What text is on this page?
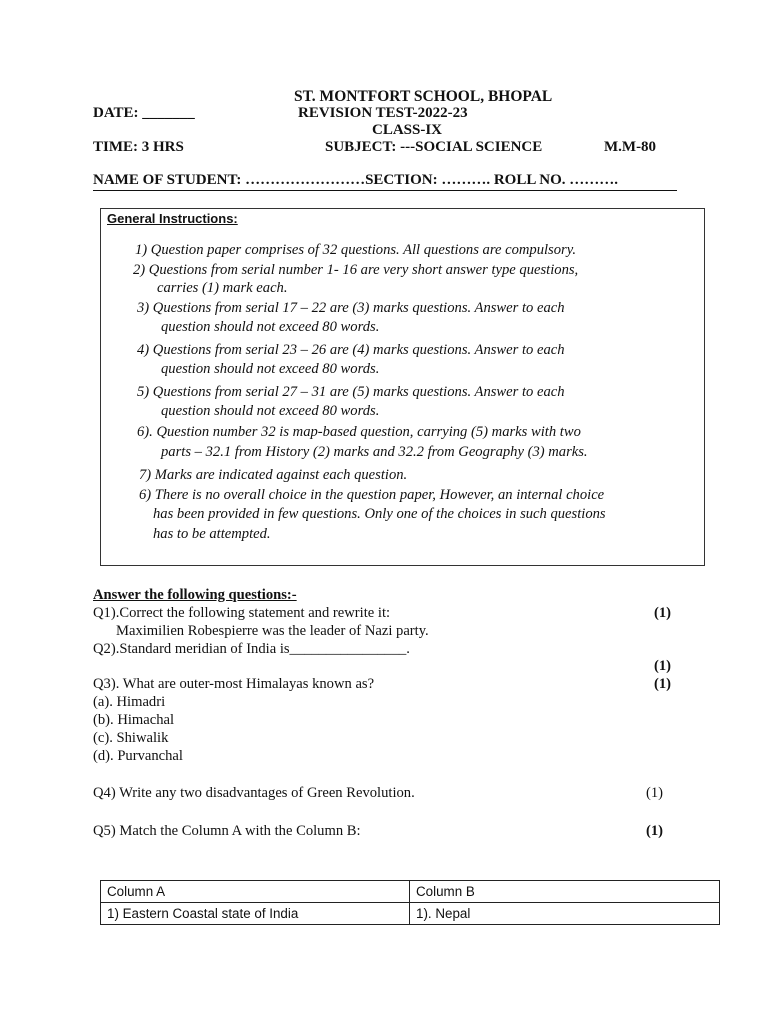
ST. MONTFORT SCHOOL, BHOPAL
DATE: _______	REVISION TEST-2022-23
CLASS-IX
TIME: 3 HRS	SUBJECT: ---SOCIAL SCIENCE	M.M-80
NAME OF STUDENT: ……………………SECTION: ………. ROLL NO. ……….
General Instructions:
1) Question paper comprises of 32 questions. All questions are compulsory.
2) Questions from serial number 1- 16 are very short answer type questions,
carries (1) mark each.
3) Questions from serial 17 – 22 are (3) marks questions. Answer to each
question should not exceed 80 words.
4) Questions from serial 23 – 26 are (4) marks questions. Answer to each
question should not exceed 80 words.
5) Questions from serial 27 – 31 are (5) marks questions. Answer to each
question should not exceed 80 words.
6). Question number 32 is map-based question, carrying (5) marks with two
parts – 32.1 from History (2) marks and 32.2 from Geography (3) marks.
7) Marks are indicated against each question.
6) There is no overall choice in the question paper, However, an internal choice
has been provided in few questions. Only one of the choices in such questions
has to be attempted.
Answer the following questions:-
Q1).Correct the following statement and rewrite it:	(1)
Maximilien Robespierre was the leader of Nazi party.
Q2).Standard meridian of India is________________.
(1)
Q3). What are outer-most Himalayas known as?	(1)
(a). Himadri
(b). Himachal
(c). Shiwalik
(d). Purvanchal
Q4) Write any two disadvantages of Green Revolution.	(1)
Q5) Match the Column A with the Column B:	(1)
Column A	Column B
1) Eastern Coastal state of India	1). Nepal
